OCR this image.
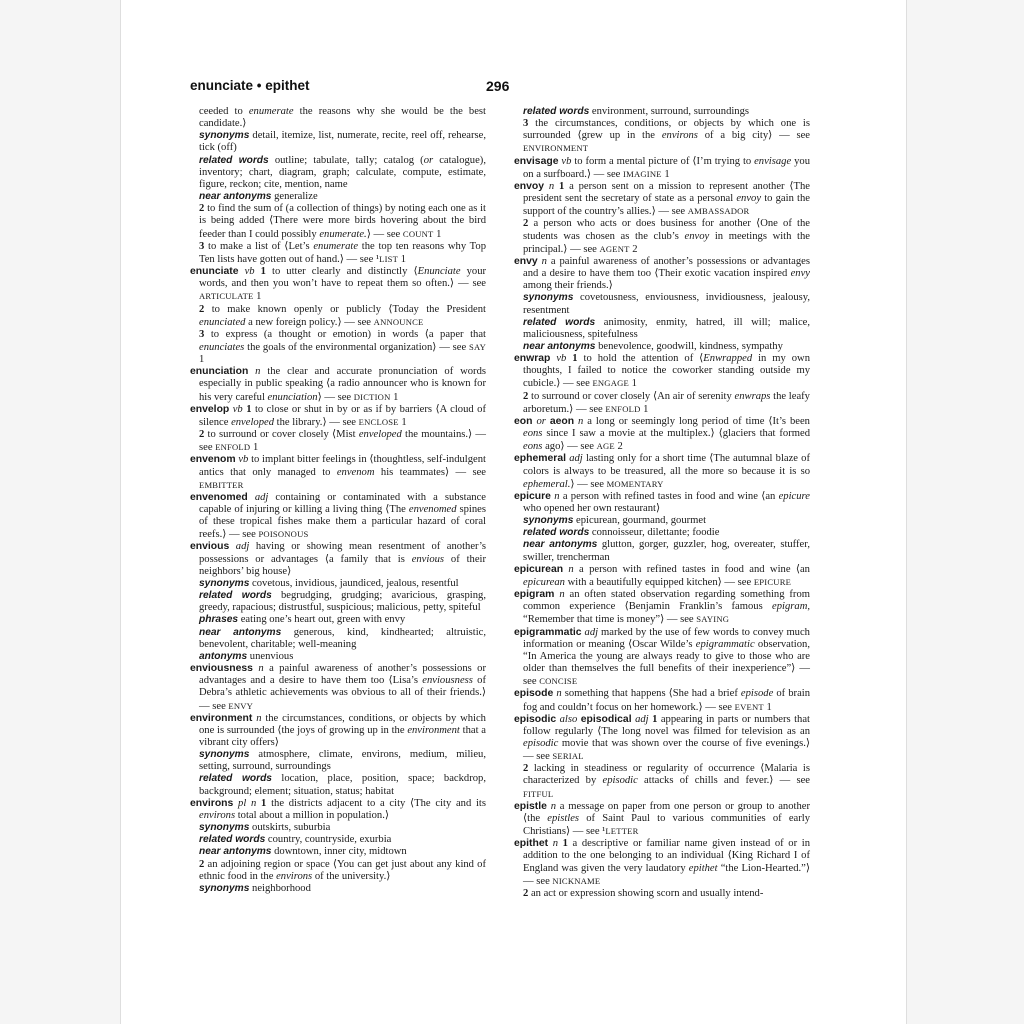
enunciate • epithet	296

ceeded to enumerate the reasons why she would be the best candidate.⟩

synonyms detail, itemize, list, numerate, recite, reel off, rehearse, tick (off)

related words outline; tabulate, tally; catalog (or catalogue), inventory; chart, diagram, graph; calculate, compute, estimate, figure, reckon; cite, mention, name

near antonyms generalize

2 to find the sum of (a collection of things) by noting each one as it is being added ⟨There were more birds hovering about the bird feeder than I could possibly enumerate.⟩ — see COUNT 1

3 to make a list of ⟨Let’s enumerate the top ten reasons why Top Ten lists have gotten out of hand.⟩ — see ¹LIST 1

enunciate vb 1 to utter clearly and distinctly ⟨Enunciate your words, and then you won’t have to repeat them so often.⟩ — see ARTICULATE 1

2 to make known openly or publicly ⟨Today the President enunciated a new foreign policy.⟩ — see ANNOUNCE

3 to express (a thought or emotion) in words ⟨a paper that enunciates the goals of the environmental organization⟩ — see SAY 1

enunciation n the clear and accurate pronunciation of words especially in public speaking ⟨a radio announcer who is known for his very careful enunciation⟩ — see DICTION 1

envelop vb 1 to close or shut in by or as if by barriers ⟨A cloud of silence enveloped the library.⟩ — see ENCLOSE 1

2 to surround or cover closely ⟨Mist enveloped the mountains.⟩ — see ENFOLD 1

envenom vb to implant bitter feelings in ⟨thoughtless, self-indulgent antics that only managed to envenom his teammates⟩ — see EMBITTER

envenomed adj containing or contaminated with a substance capable of injuring or killing a living thing ⟨The envenomed spines of these tropical fishes make them a particular hazard of coral reefs.⟩ — see POISONOUS

envious adj having or showing mean resentment of another’s possessions or advantages ⟨a family that is envious of their neighbors’ big house⟩

synonyms covetous, invidious, jaundiced, jealous, resentful

related words begrudging, grudging; avaricious, grasping, greedy, rapacious; distrustful, suspicious; malicious, petty, spiteful

phrases eating one’s heart out, green with envy

near antonyms generous, kind, kindhearted; altruistic, benevolent, charitable; well-meaning

antonyms unenvious

enviousness n a painful awareness of another’s possessions or advantages and a desire to have them too ⟨Lisa’s enviousness of Debra’s athletic achievements was obvious to all of their friends.⟩ — see ENVY

environment n the circumstances, conditions, or objects by which one is surrounded ⟨the joys of growing up in the environment that a vibrant city offers⟩

synonyms atmosphere, climate, environs, medium, milieu, setting, surround, surroundings

related words location, place, position, space; backdrop, background; element; situation, status; habitat

environs pl n 1 the districts adjacent to a city ⟨The city and its environs total about a million in population.⟩

synonyms outskirts, suburbia

related words country, countryside, exurbia

near antonyms downtown, inner city, midtown

2 an adjoining region or space ⟨You can get just about any kind of ethnic food in the environs of the university.⟩

synonyms neighborhood

related words environment, surround, surroundings

3 the circumstances, conditions, or objects by which one is surrounded ⟨grew up in the environs of a big city⟩ — see ENVIRONMENT

envisage vb to form a mental picture of ⟨I’m trying to envisage you on a surfboard.⟩ — see IMAGINE 1

envoy n 1 a person sent on a mission to represent another ⟨The president sent the secretary of state as a personal envoy to gain the support of the country’s allies.⟩ — see AMBASSADOR

2 a person who acts or does business for another ⟨One of the students was chosen as the club’s envoy in meetings with the principal.⟩ — see AGENT 2

envy n a painful awareness of another’s possessions or advantages and a desire to have them too ⟨Their exotic vacation inspired envy among their friends.⟩

synonyms covetousness, enviousness, invidiousness, jealousy, resentment

related words animosity, enmity, hatred, ill will; malice, maliciousness, spitefulness

near antonyms benevolence, goodwill, kindness, sympathy

enwrap vb 1 to hold the attention of ⟨Enwrapped in my own thoughts, I failed to notice the coworker standing outside my cubicle.⟩ — see ENGAGE 1

2 to surround or cover closely ⟨An air of serenity enwraps the leafy arboretum.⟩ — see ENFOLD 1

eon or aeon n a long or seemingly long period of time ⟨It’s been eons since I saw a movie at the multiplex.⟩ ⟨glaciers that formed eons ago⟩ — see AGE 2

ephemeral adj lasting only for a short time ⟨The autumnal blaze of colors is always to be treasured, all the more so because it is so ephemeral.⟩ — see MOMENTARY

epicure n a person with refined tastes in food and wine ⟨an epicure who opened her own restaurant⟩

synonyms epicurean, gourmand, gourmet

related words connoisseur, dilettante; foodie

near antonyms glutton, gorger, guzzler, hog, overeater, stuffer, swiller, trencherman

epicurean n a person with refined tastes in food and wine ⟨an epicurean with a beautifully equipped kitchen⟩ — see EPICURE

epigram n an often stated observation regarding something from common experience ⟨Benjamin Franklin’s famous epigram, “Remember that time is money”⟩ — see SAYING

epigrammatic adj marked by the use of few words to convey much information or meaning ⟨Oscar Wilde’s epigrammatic observation, “In America the young are always ready to give to those who are older than themselves the full benefits of their inexperience”⟩ — see CONCISE

episode n something that happens ⟨She had a brief episode of brain fog and couldn’t focus on her homework.⟩ — see EVENT 1

episodic also episodical adj 1 appearing in parts or numbers that follow regularly ⟨The long novel was filmed for television as an episodic movie that was shown over the course of five evenings.⟩ — see SERIAL

2 lacking in steadiness or regularity of occurrence ⟨Malaria is characterized by episodic attacks of chills and fever.⟩ — see FITFUL

epistle n a message on paper from one person or group to another ⟨the epistles of Saint Paul to various communities of early Christians⟩ — see ¹LETTER

epithet n 1 a descriptive or familiar name given instead of or in addition to the one belonging to an individual ⟨King Richard I of England was given the very laudatory epithet “the Lion-Hearted.”⟩ — see NICKNAME

2 an act or expression showing scorn and usually intend-
